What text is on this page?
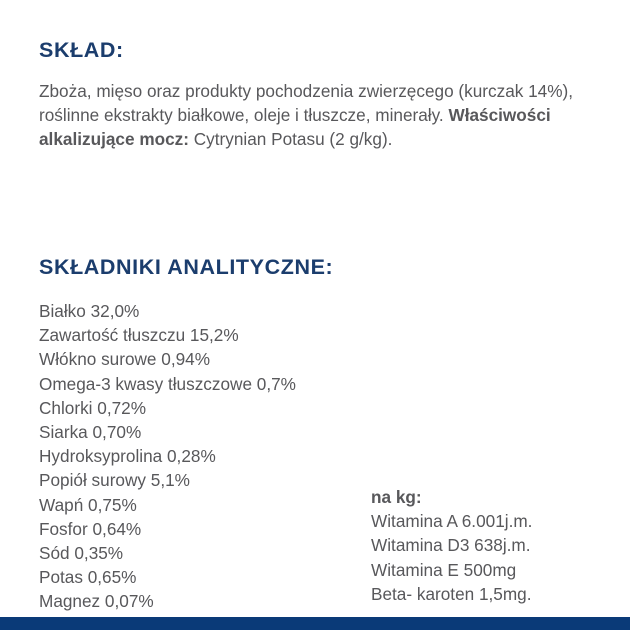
SKŁAD:
Zboża, mięso oraz produkty pochodzenia zwierzęcego (kurczak 14%), roślinne ekstrakty białkowe, oleje i tłuszcze, minerały. Właściwości alkalizujące mocz: Cytrynian Potasu (2 g/kg).
SKŁADNIKI ANALITYCZNE:
Białko 32,0%
Zawartość tłuszczu 15,2%
Włókno surowe 0,94%
Omega-3 kwasy tłuszczowe 0,7%
Chlorki 0,72%
Siarka 0,70%
Hydroksyprolina 0,28%
Popiół surowy 5,1%
Wapń 0,75%
Fosfor 0,64%
Sód 0,35%
Potas 0,65%
Magnez 0,07%
na kg:
Witamina A 6.001j.m.
Witamina D3 638j.m.
Witamina E 500mg
Beta- karoten 1,5mg.
